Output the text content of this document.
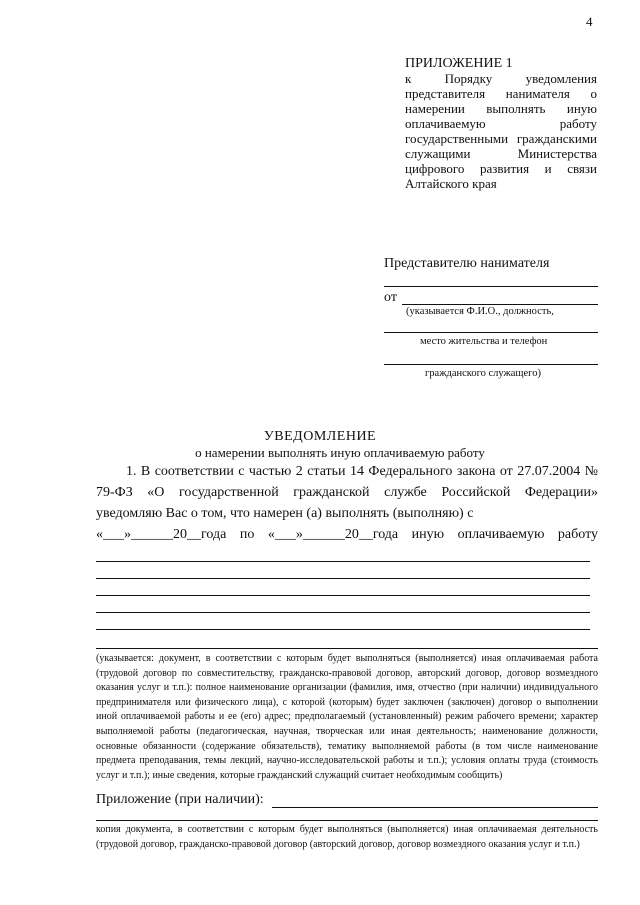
4
ПРИЛОЖЕНИЕ 1
к Порядку уведомления представителя нанимателя о намерении выполнять иную оплачиваемую работу государственными гражданскими служащими Министерства цифрового развития и связи Алтайского края
Представителю нанимателя
от
(указывается Ф.И.О., должность,
место жительства и телефон
гражданского служащего)
УВЕДОМЛЕНИЕ
о намерении выполнять иную оплачиваемую работу
1. В соответствии с частью 2 статьи 14 Федерального закона от 27.07.2004 № 79-ФЗ «О государственной гражданской службе Российской Федерации» уведомляю Вас о том, что намерен (а) выполнять (выполняю) с
«___»______20__года по «___»______20__года иную оплачиваемую работу
(указывается: документ, в соответствии с которым будет выполняться (выполняется) иная оплачиваемая работа (трудовой договор по совместительству, гражданско-правовой договор, авторский договор, договор возмездного оказания услуг и т.п.): полное наименование организации (фамилия, имя, отчество (при наличии) индивидуального предпринимателя или физического лица), с которой (которым) будет заключен (заключен) договор о выполнении иной оплачиваемой работы и ее (его) адрес; предполагаемый (установленный) режим рабочего времени; характер выполняемой работы (педагогическая, научная, творческая или иная деятельность; наименование должности, основные обязанности (содержание обязательств), тематику выполняемой работы (в том числе наименование предмета преподавания, темы лекций, научно-исследовательской работы и т.п.); условия оплаты труда (стоимость услуг и т.п.); иные сведения, которые гражданский служащий считает необходимым сообщить)
Приложение (при наличии):
копия документа, в соответствии с которым будет выполняться (выполняется) иная оплачиваемая деятельность (трудовой договор, гражданско-правовой договор (авторский договор, договор возмездного оказания услуг и т.п.)
